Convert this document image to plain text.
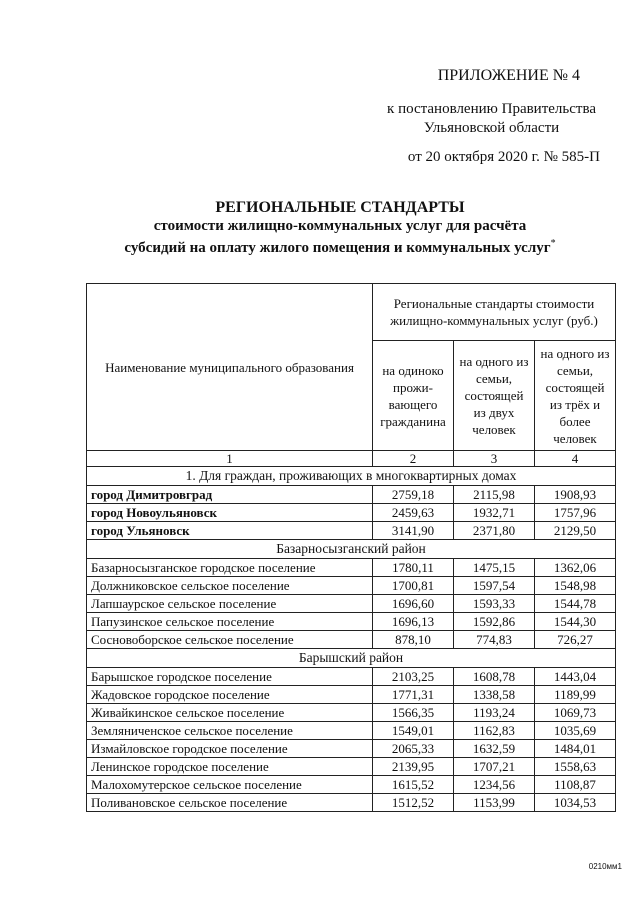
ПРИЛОЖЕНИЕ № 4
к постановлению Правительства
Ульяновской области
от 20 октября 2020 г. № 585-П
РЕГИОНАЛЬНЫЕ СТАНДАРТЫ
стоимости жилищно-коммунальных услуг для расчёта
субсидий на оплату жилого помещения и коммунальных услуг*
Наименование муниципального образования	Региональные стандарты стоимости жилищно-коммунальных услуг (руб.)		
	на одиноко прожи-вающего гражданина	на одного из семьи, состоящей из двух человек	на одного из семьи, состоящей из трёх и более человек
1	2	3	4
1. Для граждан, проживающих в многоквартирных домах			
город Димитровград	2759,18	2115,98	1908,93
город Новоульяновск	2459,63	1932,71	1757,96
город Ульяновск	3141,90	2371,80	2129,50
Базарносызганский район			
Базарносызганское городское поселение	1780,11	1475,15	1362,06
Должниковское сельское поселение	1700,81	1597,54	1548,98
Лапшаурское сельское поселение	1696,60	1593,33	1544,78
Папузинское сельское поселение	1696,13	1592,86	1544,30
Сосновоборское сельское поселение	878,10	774,83	726,27
Барышский район			
Барышское городское поселение	2103,25	1608,78	1443,04
Жадовское городское поселение	1771,31	1338,58	1189,99
Живайкинское сельское поселение	1566,35	1193,24	1069,73
Земляниченское сельское поселение	1549,01	1162,83	1035,69
Измайловское городское поселение	2065,33	1632,59	1484,01
Ленинское городское поселение	2139,95	1707,21	1558,63
Малохомутерское сельское поселение	1615,52	1234,56	1108,87
Поливановское сельское поселение	1512,52	1153,99	1034,53
0210мм1
